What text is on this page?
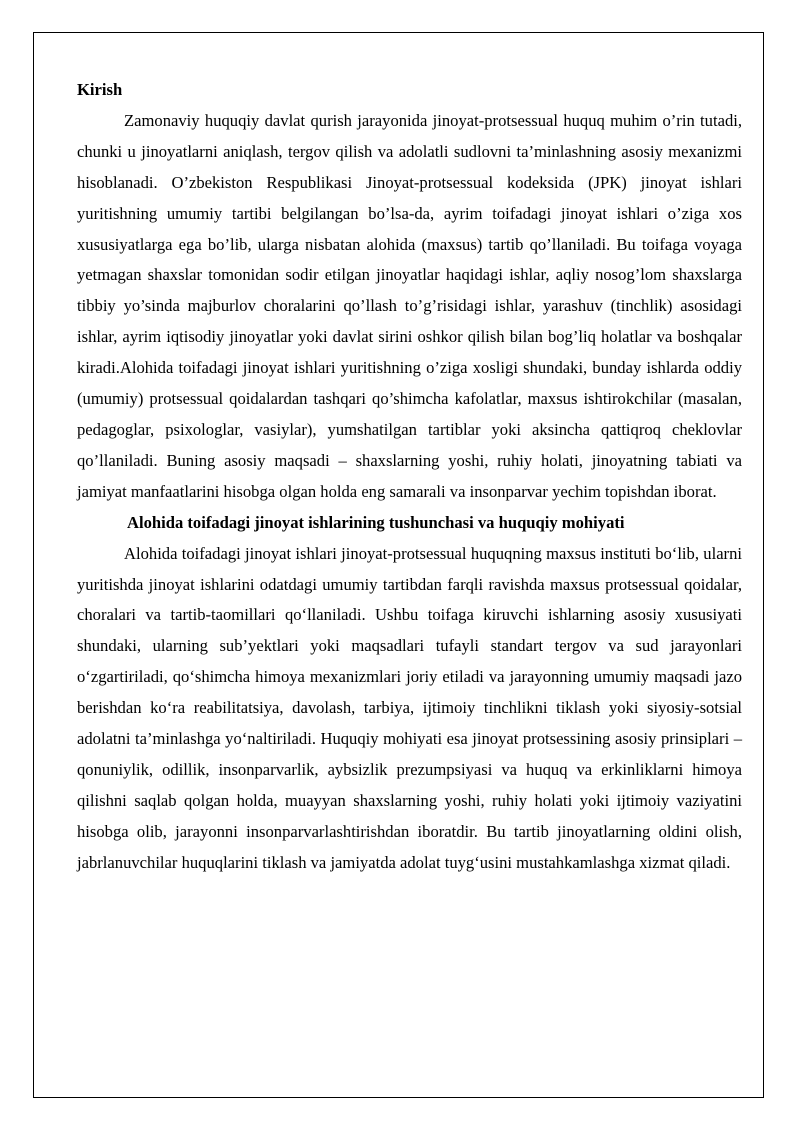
Kirish

Zamonaviy huquqiy davlat qurish jarayonida jinoyat-protsessual huquq muhim o’rin tutadi, chunki u jinoyatlarni aniqlash, tergov qilish va adolatli sudlovni ta’minlashning asosiy mexanizmi hisoblanadi. O’zbekiston Respublikasi Jinoyat-protsessual kodeksida (JPK) jinoyat ishlari yuritishning umumiy tartibi belgilangan bo’lsa-da, ayrim toifadagi jinoyat ishlari o’ziga xos xususiyatlarga ega bo’lib, ularga nisbatan alohida (maxsus) tartib qo’llaniladi. Bu toifaga voyaga yetmagan shaxslar tomonidan sodir etilgan jinoyatlar haqidagi ishlar, aqliy nosog’lom shaxslarga tibbiy yo’sinda majburlov choralarini qo’llash to’g’risidagi ishlar, yarashuv (tinchlik) asosidagi ishlar, ayrim iqtisodiy jinoyatlar yoki davlat sirini oshkor qilish bilan bog’liq holatlar va boshqalar kiradi.Alohida toifadagi jinoyat ishlari yuritishning o’ziga xosligi shundaki, bunday ishlarda oddiy (umumiy) protsessual qoidalardan tashqari qo’shimcha kafolatlar, maxsus ishtirokchilar (masalan, pedagoglar, psixologlar, vasiylar), yumshatilgan tartiblar yoki aksincha qattiqroq cheklovlar qo’llaniladi. Buning asosiy maqsadi – shaxslarning yoshi, ruhiy holati, jinoyatning tabiati va jamiyat manfaatlarini hisobga olgan holda eng samarali va insonparvar yechim topishdan iborat.

Alohida toifadagi jinoyat ishlarining tushunchasi va huquqiy mohiyati

Alohida toifadagi jinoyat ishlari jinoyat-protsessual huquqning maxsus instituti bo‘lib, ularni yuritishda jinoyat ishlarini odatdagi umumiy tartibdan farqli ravishda maxsus protsessual qoidalar, choralari va tartib-taomillari qo‘llaniladi. Ushbu toifaga kiruvchi ishlarning asosiy xususiyati shundaki, ularning sub’yektlari yoki maqsadlari tufayli standart tergov va sud jarayonlari o‘zgartiriladi, qo‘shimcha himoya mexanizmlari joriy etiladi va jarayonning umumiy maqsadi jazo berishdan ko‘ra reabilitatsiya, davolash, tarbiya, ijtimoiy tinchlikni tiklash yoki siyosiy-sotsial adolatni ta’minlashga yo‘naltiriladi. Huquqiy mohiyati esa jinoyat protsessining asosiy prinsiplari – qonuniylik, odillik, insonparvarlik, aybsizlik prezumpsiyasi va huquq va erkinliklarni himoya qilishni saqlab qolgan holda, muayyan shaxslarning yoshi, ruhiy holati yoki ijtimoiy vaziyatini hisobga olib, jarayonni insonparvarlashtirishdan iboratdir. Bu tartib jinoyatlarning oldini olish, jabrlanuvchilar huquqlarini tiklash va jamiyatda adolat tuyg‘usini mustahkamlashga xizmat qiladi.
